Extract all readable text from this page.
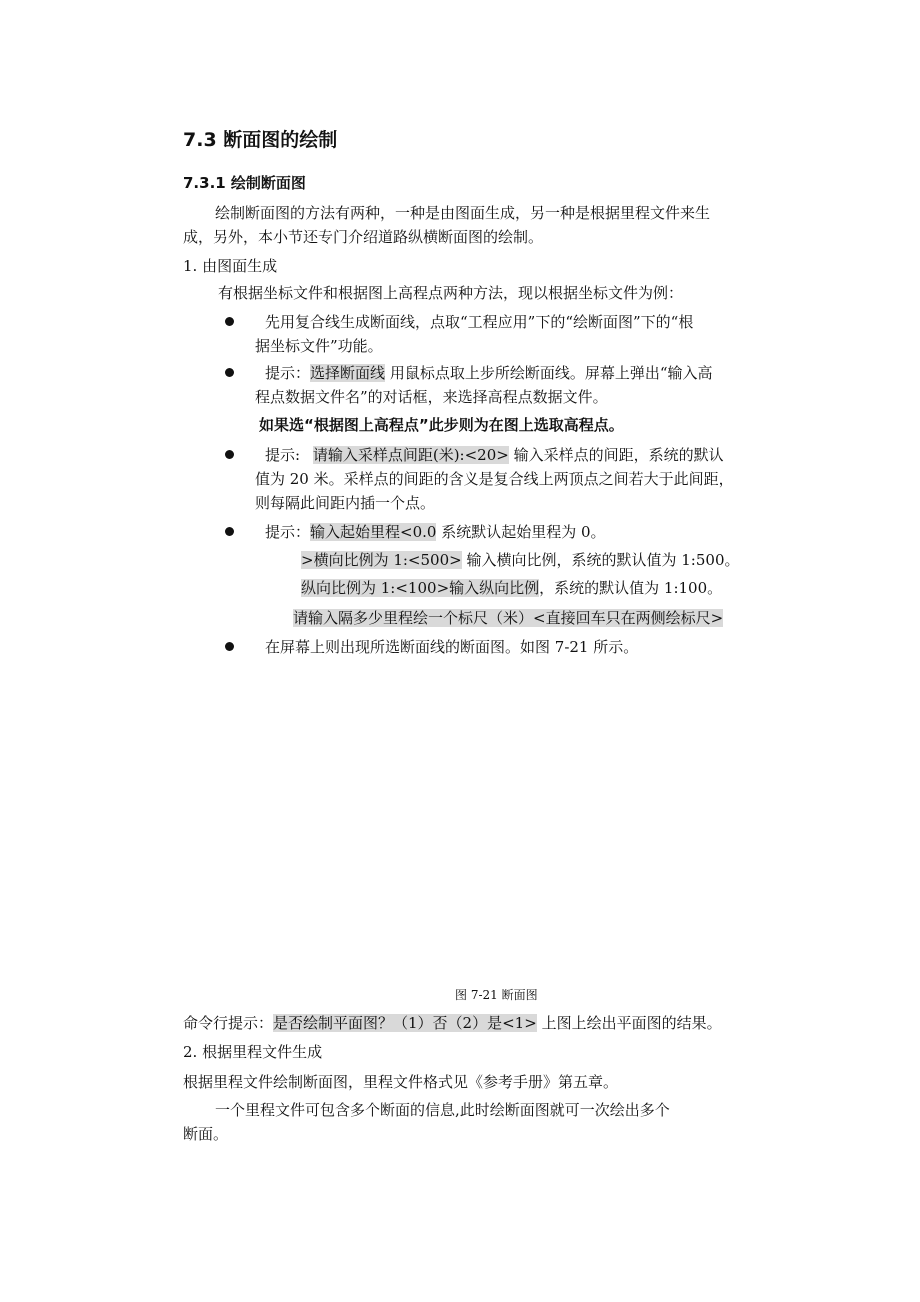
7.3 断面图的绘制
7.3.1 绘制断面图
绘制断面图的方法有两种，一种是由图面生成，另一种是根据里程文件来生
成，另外，本小节还专门介绍道路纵横断面图的绘制。
1. 由图面生成
有根据坐标文件和根据图上高程点两种方法，现以根据坐标文件为例：
先用复合线生成断面线，点取“工程应用”下的“绘断面图”下的“根
据坐标文件”功能。
提示：选择断面线 用鼠标点取上步所绘断面线。屏幕上弹出“输入高
程点数据文件名”的对话框，来选择高程点数据文件。
如果选“根据图上高程点”此步则为在图上选取高程点。
提示: 请输入采样点间距(米):<20> 输入采样点的间距，系统的默认
值为 20 米。采样点的间距的含义是复合线上两顶点之间若大于此间距，
则每隔此间距内插一个点。
提示：输入起始里程<0.0 系统默认起始里程为 0。
>横向比例为 1:<500> 输入横向比例，系统的默认值为 1:500。
纵向比例为 1:<100>输入纵向比例，系统的默认值为 1:100。
请输入隔多少里程绘一个标尺（米）<直接回车只在两侧绘标尺>
在屏幕上则出现所选断面线的断面图。如图 7-21 所示。
图 7-21 断面图
命令行提示：是否绘制平面图？（1）否（2）是<1> 上图上绘出平面图的结果。
2. 根据里程文件生成
根据里程文件绘制断面图，里程文件格式见《参考手册》第五章。
一个里程文件可包含多个断面的信息,此时绘断面图就可一次绘出多个
断面。
